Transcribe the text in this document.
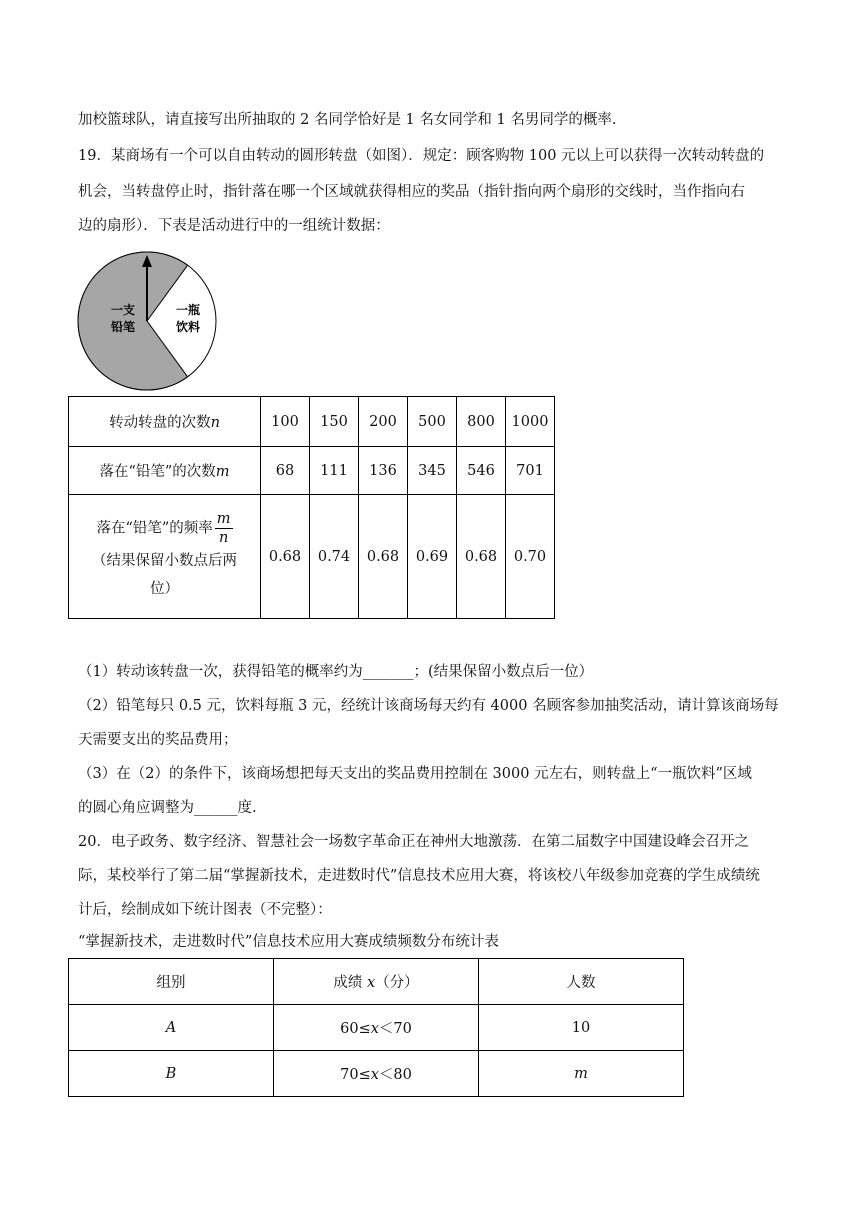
加校篮球队，请直接写出所抽取的 2 名同学恰好是 1 名女同学和 1 名男同学的概率.
19．某商场有一个可以自由转动的圆形转盘（如图）．规定：顾客购物 100 元以上可以获得一次转动转盘的
机会，当转盘停止时，指针落在哪一个区域就获得相应的奖品（指针指向两个扇形的交线时，当作指向右
边的扇形）．下表是活动进行中的一组统计数据：
一支
铅笔
一瓶
饮料
转动转盘的次数n	100	150	200	500	800	1000
落在“铅笔”的次数m	68	111	136	345	546	701

落在“铅笔”的频率 $\frac{m}{n}$
（结果保留小数点后两
位）	0.68	0.74	0.68	0.69	0.68	0.70
（1）转动该转盘一次，获得铅笔的概率约为_______；(结果保留小数点后一位）
（2）铅笔每只 0.5 元，饮料每瓶 3 元，经统计该商场每天约有 4000 名顾客参加抽奖活动，请计算该商场每
天需要支出的奖品费用；
（3）在（2）的条件下，该商场想把每天支出的奖品费用控制在 3000 元左右，则转盘上“一瓶饮料”区域
的圆心角应调整为______度.
20．电子政务、数字经济、智慧社会一场数字革命正在神州大地激荡．在第二届数字中国建设峰会召开之
际，某校举行了第二届“掌握新技术，走进数时代”信息技术应用大赛，将该校八年级参加竞赛的学生成绩统
计后，绘制成如下统计图表（不完整）：
“掌握新技术，走进数时代”信息技术应用大赛成绩频数分布统计表
组别	成绩 x（分）	人数
A	60≤x＜70	10
B	70≤x＜80	m
